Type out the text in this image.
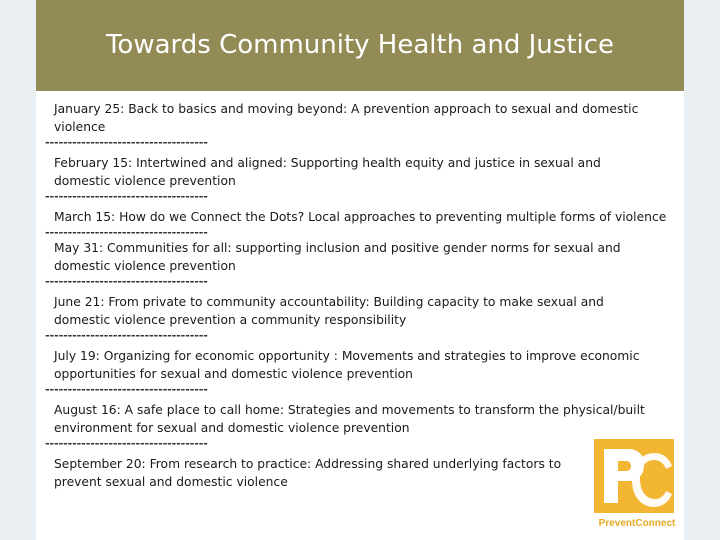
Towards Community Health and Justice
January 25: Back to basics and moving beyond: A prevention approach to sexual and domestic violence
------------------------------------
February 15: Intertwined and aligned: Supporting health equity and justice in sexual and domestic violence prevention
------------------------------------
March 15: How do we Connect the Dots? Local approaches to preventing multiple forms of violence
------------------------------------
May 31: Communities for all: supporting inclusion and positive gender norms for sexual and domestic violence prevention
------------------------------------
June 21: From private to community accountability: Building capacity to make sexual and domestic violence prevention a community responsibility
------------------------------------
July 19: Organizing for economic opportunity : Movements and strategies to improve economic opportunities for sexual and domestic violence prevention
------------------------------------
August 16: A safe place to call home: Strategies and movements to transform the physical/built environment for sexual and domestic violence prevention
------------------------------------
September 20: From research to practice: Addressing shared underlying factors to prevent sexual and domestic violence
PreventConnect
